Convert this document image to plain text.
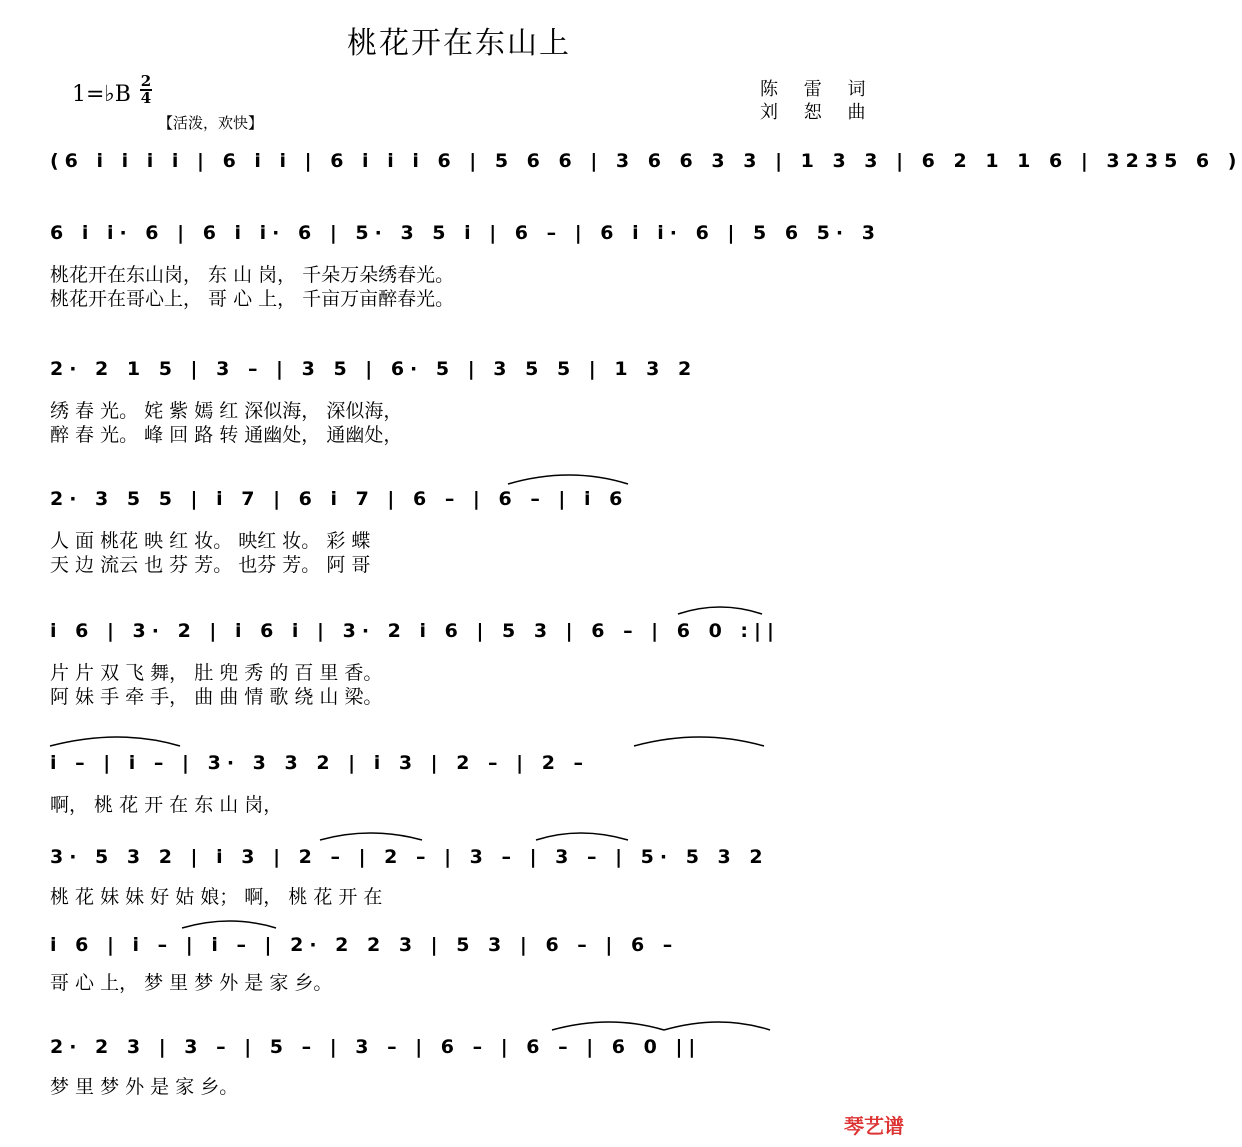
桃花开在东山上
1=♭B
2
4
【活泼，欢快】
陈 雷 词
刘 恕 曲
(6 i i i i | 6 i i | 6 i i i 6 | 5 6 6 | 3 6 6 3 3 | 1 3 3 | 6 2 1 1 6 | 3235 6 )
6 i i· 6 | 6 i i· 6 | 5· 3 5 i | 6 – | 6 i i· 6 | 5 6 5· 3
桃花开在东山岗， 东 山 岗， 千朵万朵绣春光。
桃花开在哥心上， 哥 心 上， 千亩万亩醉春光。
2· 2 1 5 | 3 – | 3 5 | 6· 5 | 3 5 5 | 1 3 2
绣 春 光。 姹 紫 嫣 红 深似海， 深似海，
醉 春 光。 峰 回 路 转 通幽处， 通幽处，
2· 3 5 5 | i 7 | 6 i 7 | 6 – | 6 – | i 6
人 面 桃花 映 红 妆。 映红 妆。 彩 蝶
天 边 流云 也 芬 芳。 也芬 芳。 阿 哥
i 6 | 3· 2 | i 6 i | 3· 2 i 6 | 5 3 | 6 – | 6 0 :||
片 片 双 飞 舞， 肚 兜 秀 的 百 里 香。
阿 妹 手 牵 手， 曲 曲 情 歌 绕 山 梁。
i – | i – | 3· 3 3 2 | i 3 | 2 – | 2 –
啊， 桃 花 开 在 东 山 岗，
3· 5 3 2 | i 3 | 2 – | 2 – | 3 – | 3 – | 5· 5 3 2
桃 花 妹 妹 好 姑 娘； 啊， 桃 花 开 在
i 6 | i – | i – | 2· 2 2 3 | 5 3 | 6 – | 6 –
哥 心 上， 梦 里 梦 外 是 家 乡。
2· 2 3 | 3 – | 5 – | 3 – | 6 – | 6 – | 6 0 ||
梦 里 梦 外 是 家 乡。
琴艺谱
